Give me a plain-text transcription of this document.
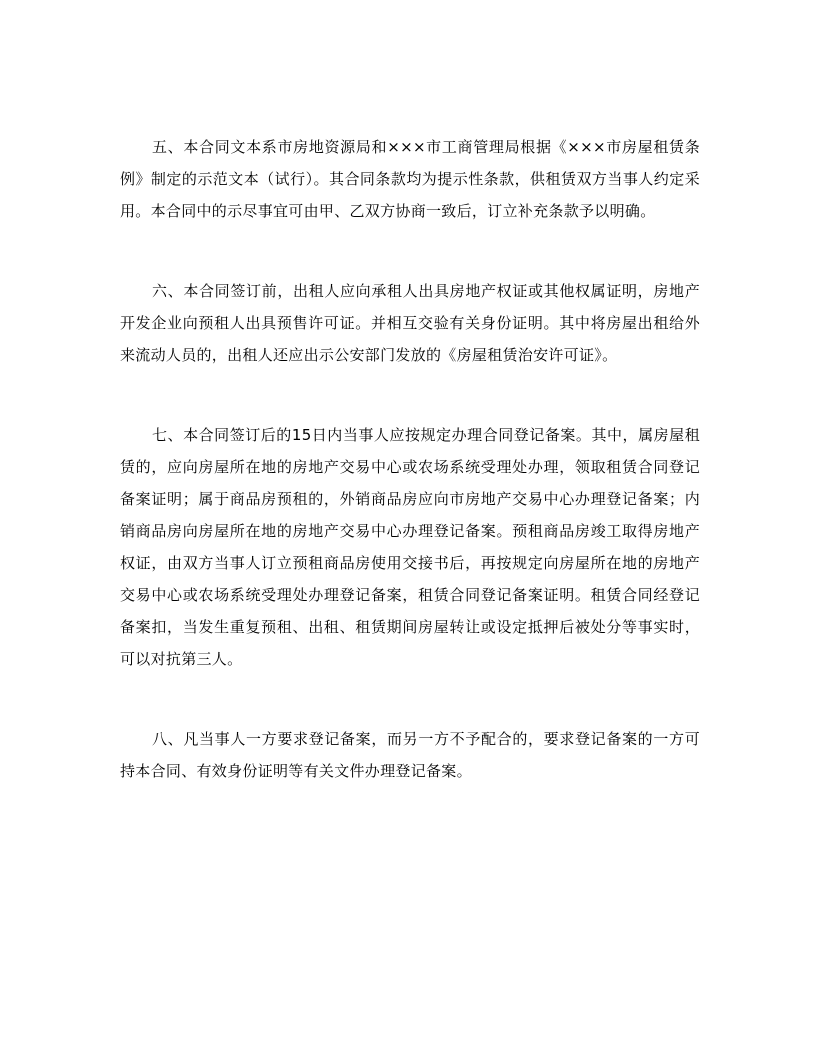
五、本合同文本系市房地资源局和×××市工商管理局根据《×××市房屋租赁条例》制定的示范文本（试行）。其合同条款均为提示性条款，供租赁双方当事人约定采用。本合同中的示尽事宜可由甲、乙双方协商一致后，订立补充条款予以明确。

六、本合同签订前，出租人应向承租人出具房地产权证或其他权属证明，房地产开发企业向预租人出具预售许可证。并相互交验有关身份证明。其中将房屋出租给外来流动人员的，出租人还应出示公安部门发放的《房屋租赁治安许可证》。

七、本合同签订后的15日内当事人应按规定办理合同登记备案。其中，属房屋租赁的，应向房屋所在地的房地产交易中心或农场系统受理处办理，领取租赁合同登记备案证明；属于商品房预租的，外销商品房应向市房地产交易中心办理登记备案；内销商品房向房屋所在地的房地产交易中心办理登记备案。预租商品房竣工取得房地产权证，由双方当事人订立预租商品房使用交接书后，再按规定向房屋所在地的房地产交易中心或农场系统受理处办理登记备案，租赁合同登记备案证明。租赁合同经登记备案扣，当发生重复预租、出租、租赁期间房屋转让或设定抵押后被处分等事实时，可以对抗第三人。

八、凡当事人一方要求登记备案，而另一方不予配合的，要求登记备案的一方可持本合同、有效身份证明等有关文件办理登记备案。
